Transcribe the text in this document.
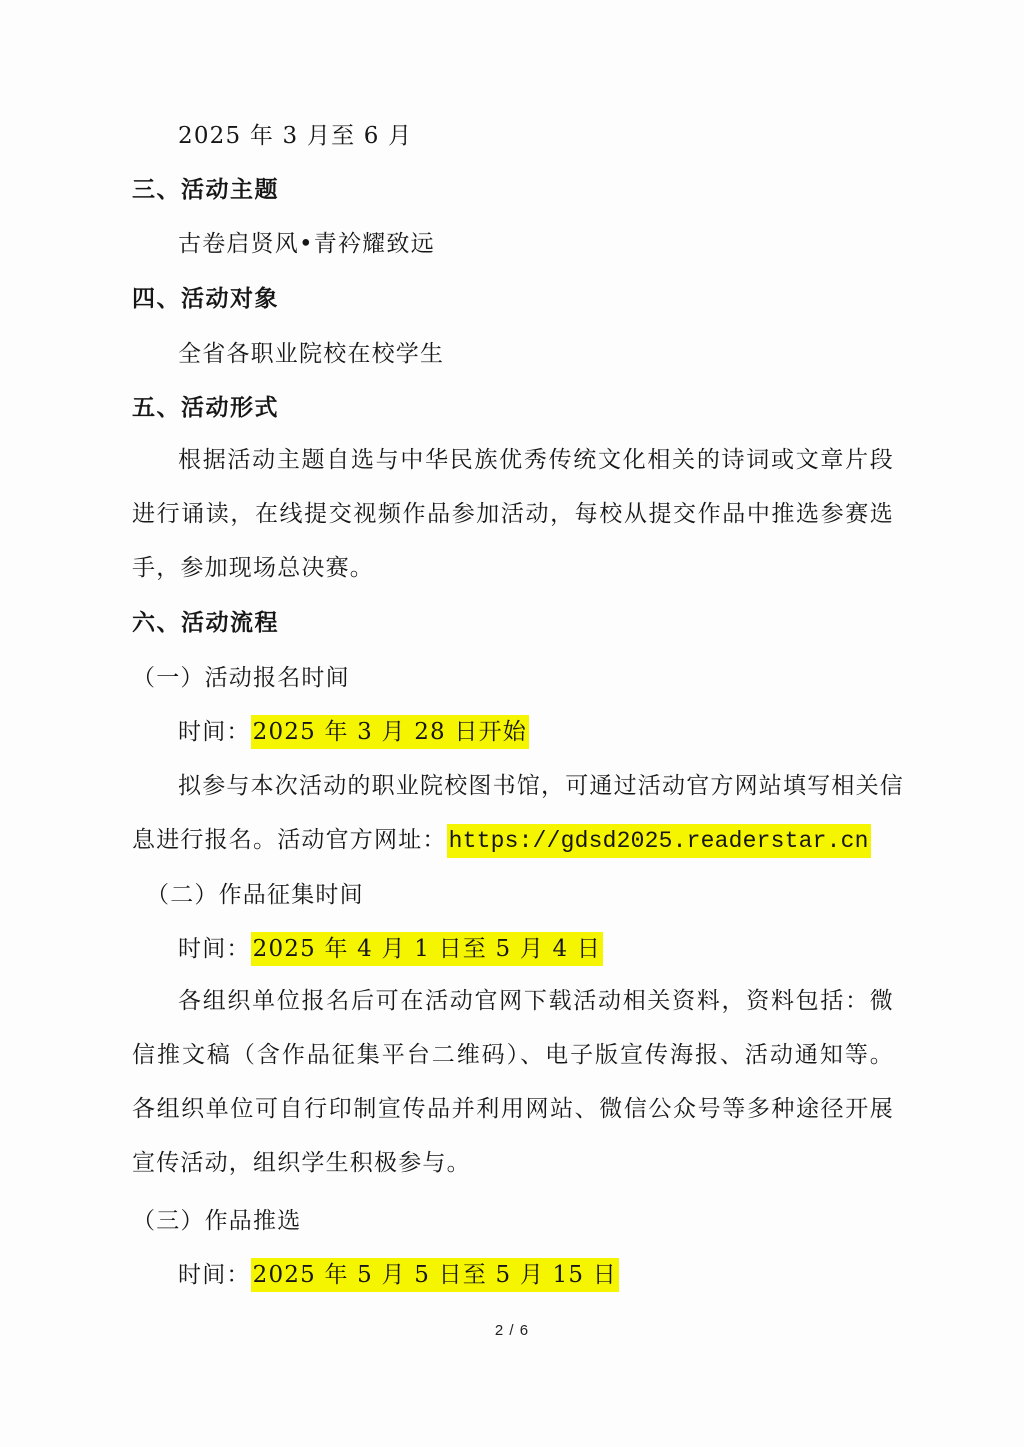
2025 年 3 月至 6 月
三、活动主题
古卷启贤风•青衿耀致远
四、活动对象
全省各职业院校在校学生
五、活动形式

根据活动主题自选与中华民族优秀传统文化相关的诗词或文章片段进行诵读，在线提交视频作品参加活动，每校从提交作品中推选参赛选手，参加现场总决赛。

六、活动流程
（一）活动报名时间
时间：2025 年 3 月 28 日开始
拟参与本次活动的职业院校图书馆，可通过活动官方网站填写相关信
息进行报名。活动官方网址：https://gdsd2025.readerstar.cn
（二）作品征集时间
时间：2025 年 4 月 1 日至 5 月 4 日

各组织单位报名后可在活动官网下载活动相关资料，资料包括：微信推文稿（含作品征集平台二维码）、电子版宣传海报、活动通知等。各组织单位可自行印制宣传品并利用网站、微信公众号等多种途径开展宣传活动，组织学生积极参与。

（三）作品推选
时间：2025 年 5 月 5 日至 5 月 15 日
2 / 6
